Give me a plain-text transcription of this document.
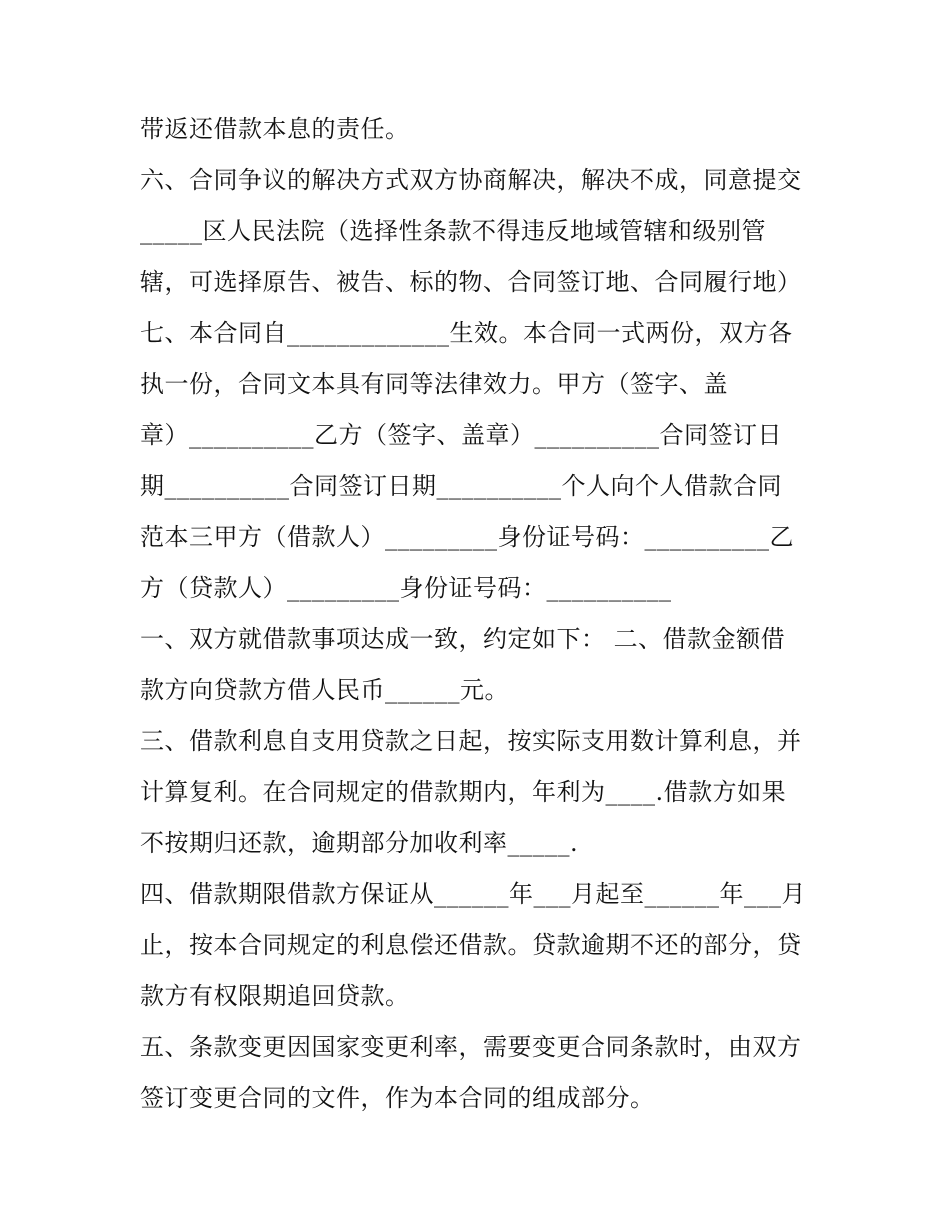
带返还借款本息的责任。
六、合同争议的解决方式双方协商解决，解决不成，同意提交
_____区人民法院（选择性条款不得违反地域管辖和级别管
辖，可选择原告、被告、标的物、合同签订地、合同履行地）
七、本合同自_____________生效。本合同一式两份，双方各
执一份，合同文本具有同等法律效力。甲方（签字、盖
章）__________乙方（签字、盖章）__________合同签订日
期__________合同签订日期__________个人向个人借款合同
范本三甲方（借款人）_________身份证号码：__________乙
方（贷款人）_________身份证号码：__________
一、双方就借款事项达成一致，约定如下： 二、借款金额借
款方向贷款方借人民币______元。
三、借款利息自支用贷款之日起，按实际支用数计算利息，并
计算复利。在合同规定的借款期内，年利为____.借款方如果
不按期归还款，逾期部分加收利率_____.
四、借款期限借款方保证从______年___月起至______年___月
止，按本合同规定的利息偿还借款。贷款逾期不还的部分，贷
款方有权限期追回贷款。
五、条款变更因国家变更利率，需要变更合同条款时，由双方
签订变更合同的文件，作为本合同的组成部分。
